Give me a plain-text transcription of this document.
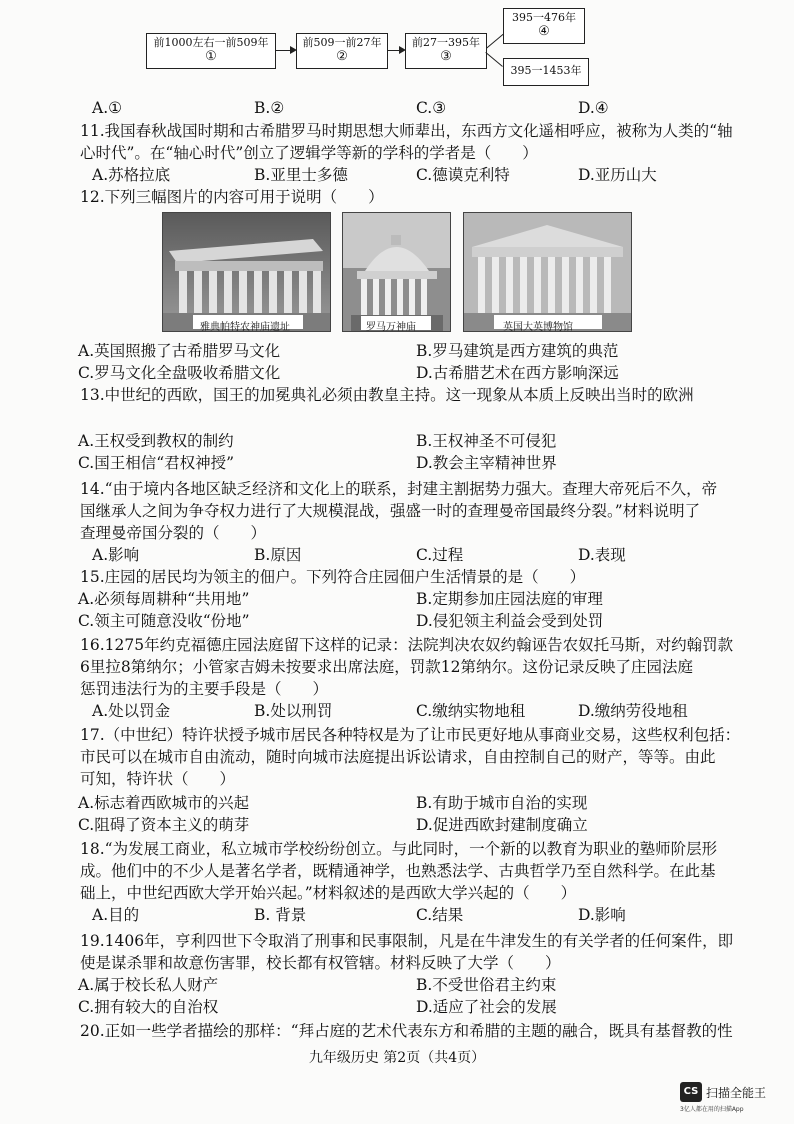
前1000左右一前509年
①
前509一前27年
②
前27一395年
③
395一476年
④
395一1453年
A.①	B.②	C.③	D.④
11.我国春秋战国时期和古希腊罗马时期思想大师辈出，东西方文化遥相呼应，被称为人类的“轴
心时代”。在“轴心时代”创立了逻辑学等新的学科的学者是（　　）
A.苏格拉底	B.亚里士多德	C.德谟克利特	D.亚历山大
12.下列三幅图片的内容可用于说明（　　）
雅典帕特农神庙遗址	罗马万神庙	英国大英博物馆
A.英国照搬了古希腊罗马文化	B.罗马建筑是西方建筑的典范
C.罗马文化全盘吸收希腊文化	D.古希腊艺术在西方影响深远
13.中世纪的西欧，国王的加冕典礼必须由教皇主持。这一现象从本质上反映出当时的欧洲
A.王权受到教权的制约	B.王权神圣不可侵犯
C.国王相信“君权神授”	D.教会主宰精神世界
14.“由于境内各地区缺乏经济和文化上的联系，封建主割据势力强大。查理大帝死后不久，帝
国继承人之间为争夺权力进行了大规模混战，强盛一时的查理曼帝国最终分裂。”材料说明了
查理曼帝国分裂的（　　）
A.影响	B.原因	C.过程	D.表现
15.庄园的居民均为领主的佃户。下列符合庄园佃户生活情景的是（　　）
A.必须每周耕种“共用地”	B.定期参加庄园法庭的审理
C.领主可随意没收“份地”	D.侵犯领主利益会受到处罚
16.1275年约克福德庄园法庭留下这样的记录：法院判决农奴约翰诬告农奴托马斯，对约翰罚款
6里拉8第纳尔；小管家吉姆未按要求出席法庭，罚款12第纳尔。这份记录反映了庄园法庭
惩罚违法行为的主要手段是（　　）
A.处以罚金	B.处以刑罚	C.缴纳实物地租	D.缴纳劳役地租
17.（中世纪）特许状授予城市居民各种特权是为了让市民更好地从事商业交易，这些权利包括：
市民可以在城市自由流动，随时向城市法庭提出诉讼请求，自由控制自己的财产，等等。由此
可知，特许状（　　）
A.标志着西欧城市的兴起	B.有助于城市自治的实现
C.阻碍了资本主义的萌芽	D.促进西欧封建制度确立
18.“为发展工商业，私立城市学校纷纷创立。与此同时，一个新的以教育为职业的塾师阶层形
成。他们中的不少人是著名学者，既精通神学，也熟悉法学、古典哲学乃至自然科学。在此基
础上，中世纪西欧大学开始兴起。”材料叙述的是西欧大学兴起的（　　）
A.目的	B. 背景	C.结果	D.影响
19.1406年，亨利四世下令取消了刑事和民事限制，凡是在牛津发生的有关学者的任何案件，即
使是谋杀罪和故意伤害罪，校长都有权管辖。材料反映了大学（　　）
A.属于校长私人财产	B.不受世俗君主约束
C.拥有较大的自治权	D.适应了社会的发展
20.正如一些学者描绘的那样：“拜占庭的艺术代表东方和希腊的主题的融合，既具有基督教的性
九年级历史 第2页（共4页）
CS 扫描全能王
3亿人都在用的扫描App
